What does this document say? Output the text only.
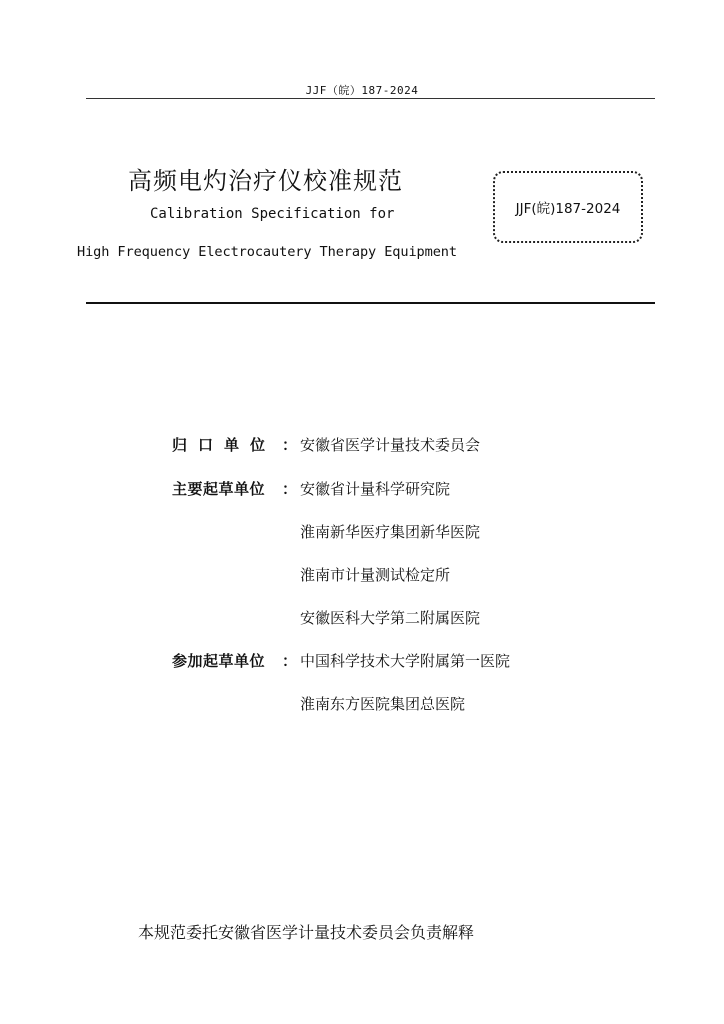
JJF（皖）187-2024
高频电灼治疗仪校准规范
Calibration Specification for
High Frequency Electrocautery Therapy Equipment
JJF(皖)187-2024
归口单位 ： 安徽省医学计量技术委员会
主要起草单位	： 安徽省计量科学研究院
淮南新华医疗集团新华医院
淮南市计量测试检定所
安徽医科大学第二附属医院
参加起草单位	： 中国科学技术大学附属第一医院
淮南东方医院集团总医院
本规范委托安徽省医学计量技术委员会负责解释
